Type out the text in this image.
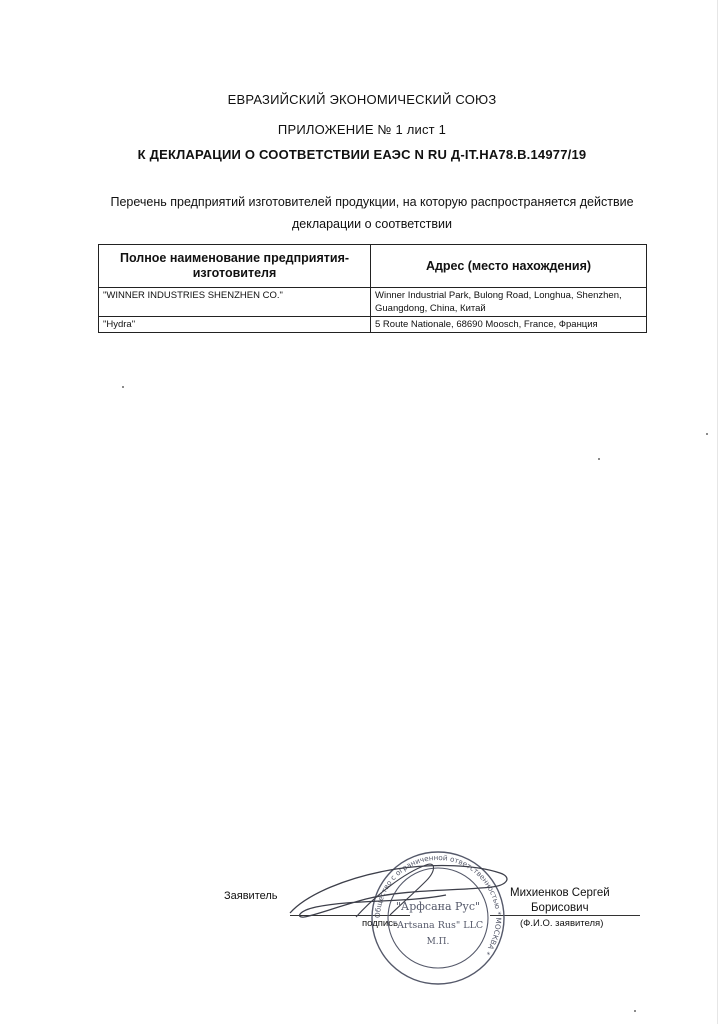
ЕВРАЗИЙСКИЙ ЭКОНОМИЧЕСКИЙ СОЮЗ
ПРИЛОЖЕНИЕ № 1 лист 1
К ДЕКЛАРАЦИИ О СООТВЕТСТВИИ ЕАЭС N RU Д-IT.HA78.B.14977/19
Перечень предприятий изготовителей продукции, на которую распространяется действие
декларации о соответствии
Полное наименование предприятия-изготовителя	Адрес (место нахождения)
"WINNER INDUSTRIES SHENZHEN CO."	Winner Industrial Park, Bulong Road, Longhua, Shenzhen, Guangdong, China, Китай
"Hydra"	5 Route Nationale, 68690 Moosch, France, Франция
Заявитель	Михиенков Сергей
Борисович
подпись	(Ф.И.О. заявителя)
Общество с ограниченной ответственностью * МОСКВА *
"Арфсана Рус"
"Artsana Rus" LLC
М.П.
